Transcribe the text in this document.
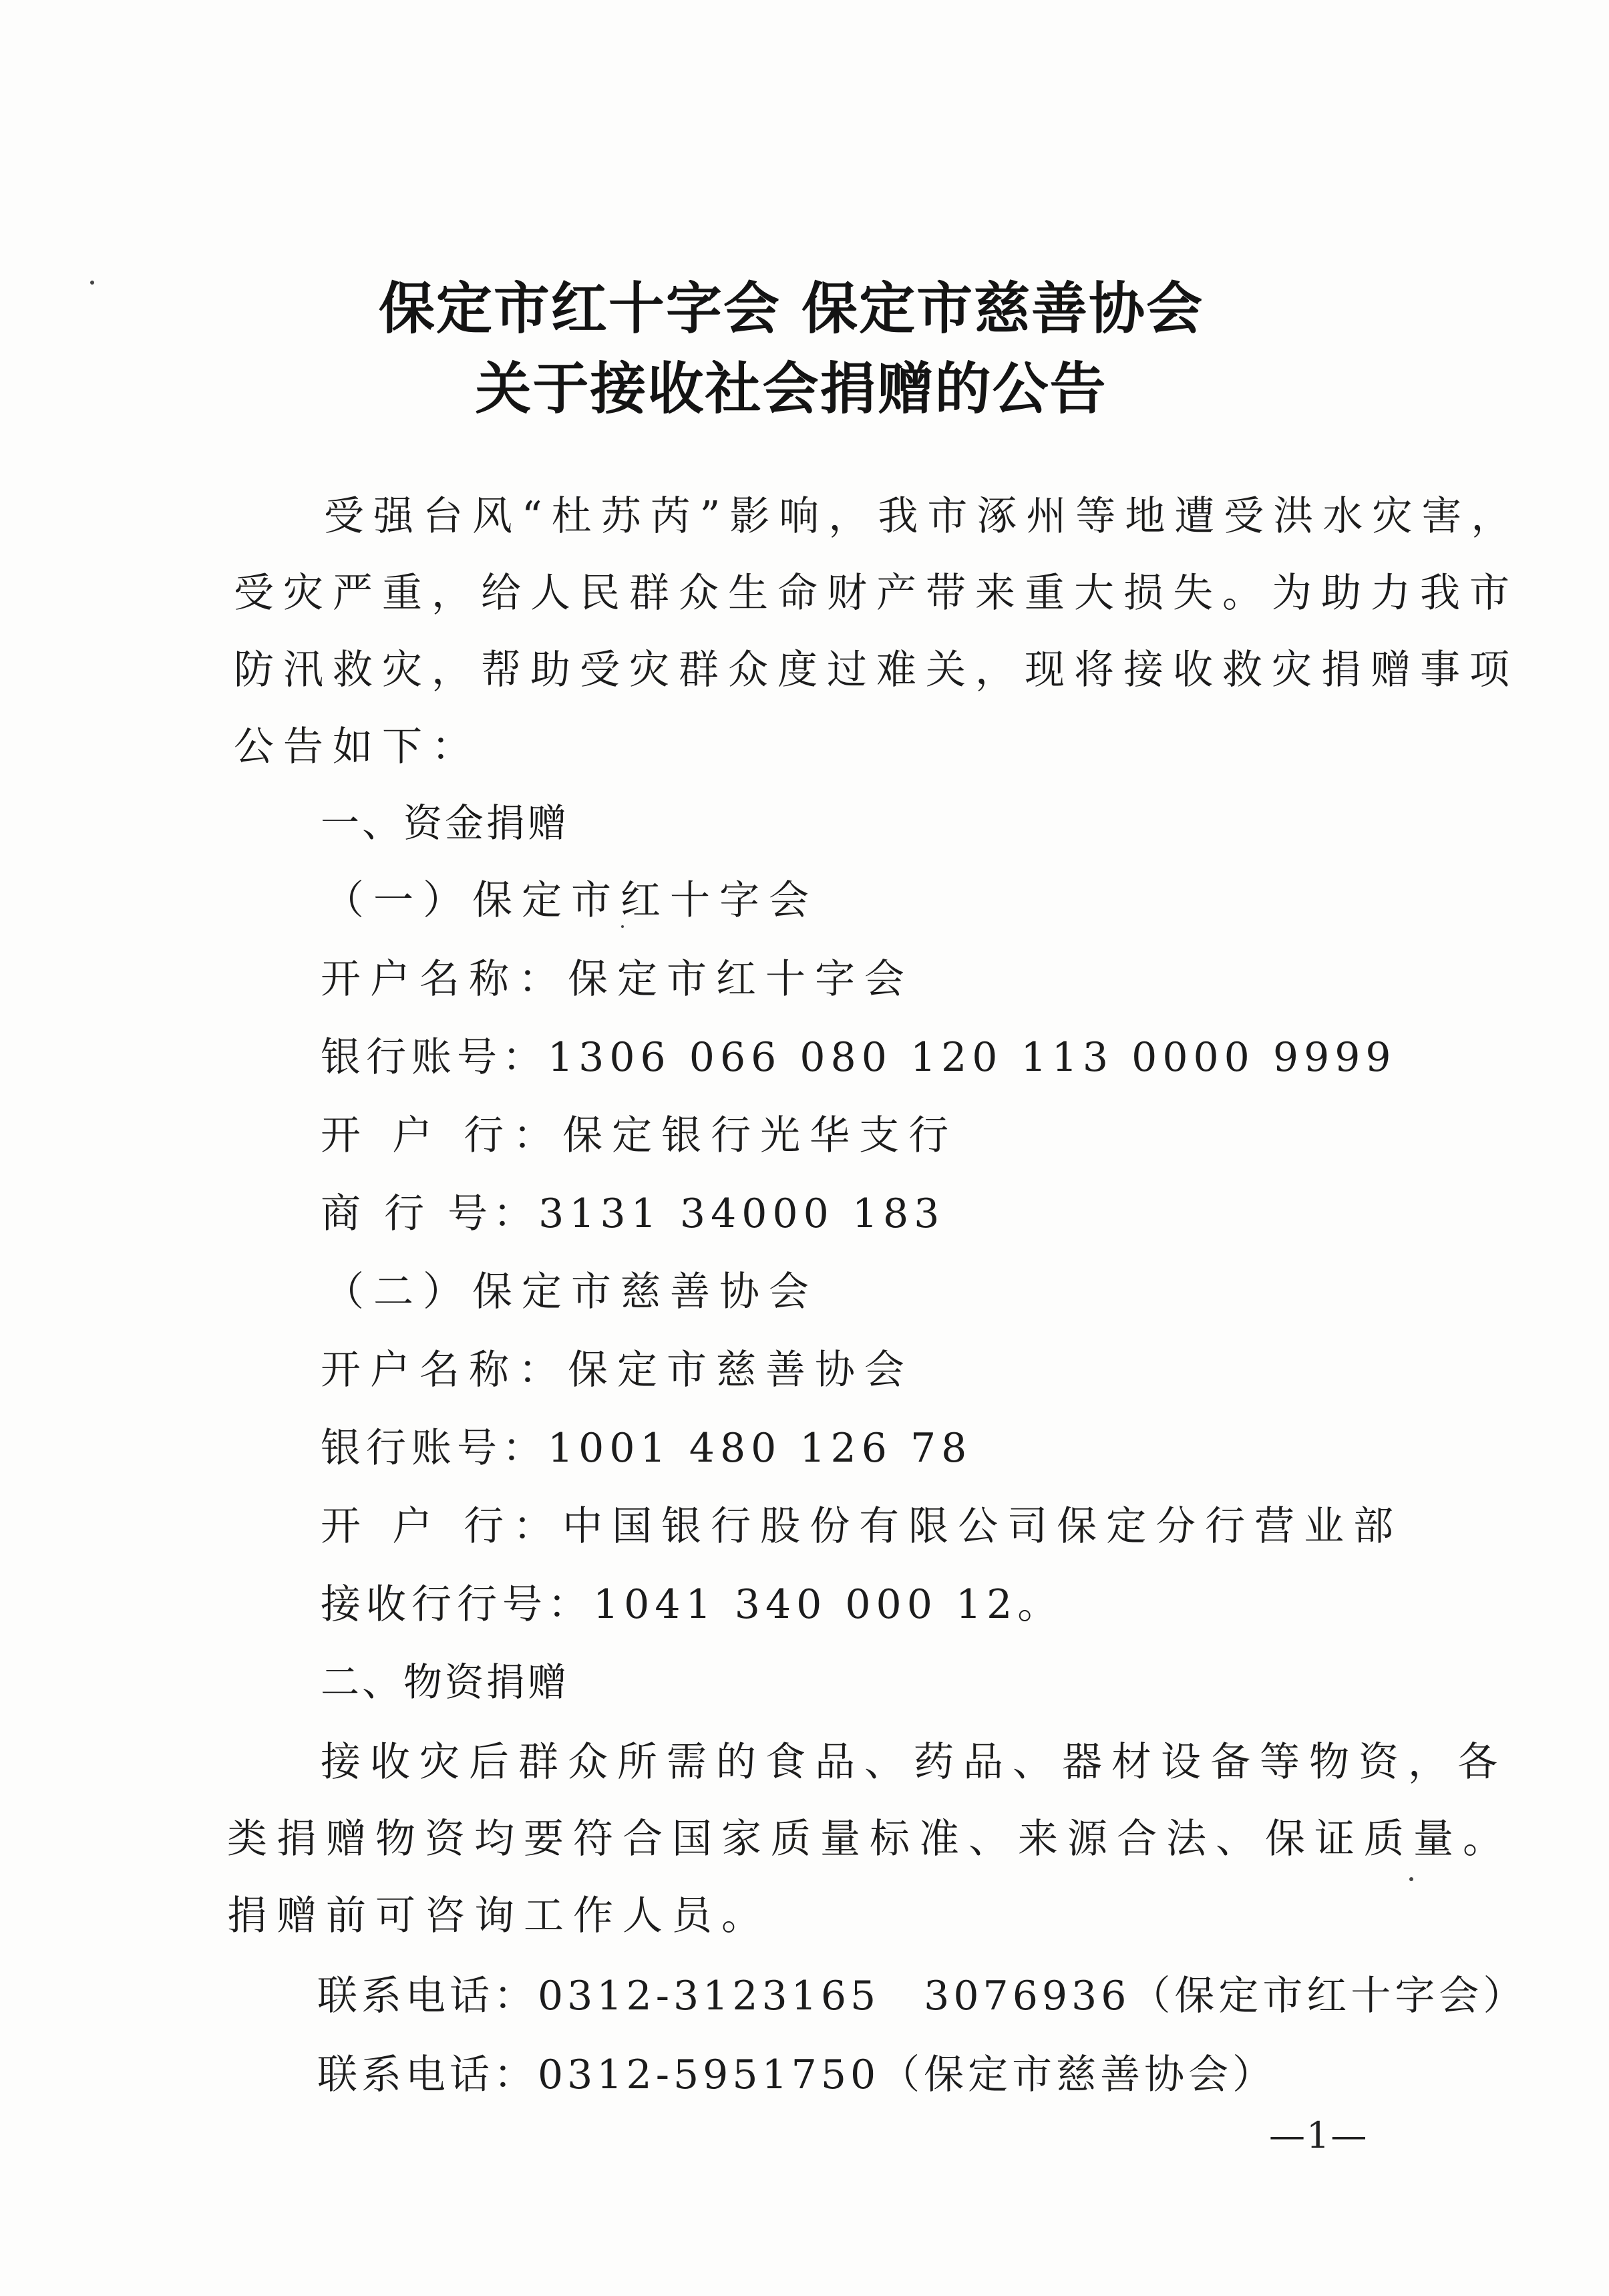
保定市红十字会 保定市慈善协会
关于接收社会捐赠的公告
受强台风“杜苏芮”影响，我市涿州等地遭受洪水灾害，
受灾严重，给人民群众生命财产带来重大损失。为助力我市
防汛救灾，帮助受灾群众度过难关，现将接收救灾捐赠事项
公告如下：
一、资金捐赠
（一）保定市红十字会
开户名称：保定市红十字会
银行账号：1306 066 080 120 113 0000 9999
开 户 行：保定银行光华支行
商 行 号：3131 34000 183
（二）保定市慈善协会
开户名称：保定市慈善协会
银行账号：1001 480 126 78
开 户 行：中国银行股份有限公司保定分行营业部
接收行行号：1041 340 000 12。
二、物资捐赠
接收灾后群众所需的食品、药品、器材设备等物资，各
类捐赠物资均要符合国家质量标准、来源合法、保证质量。
捐赠前可咨询工作人员。
联系电话：0312-3123165　3076936（保定市红十字会）
联系电话：0312-5951750（保定市慈善协会）
—1—
